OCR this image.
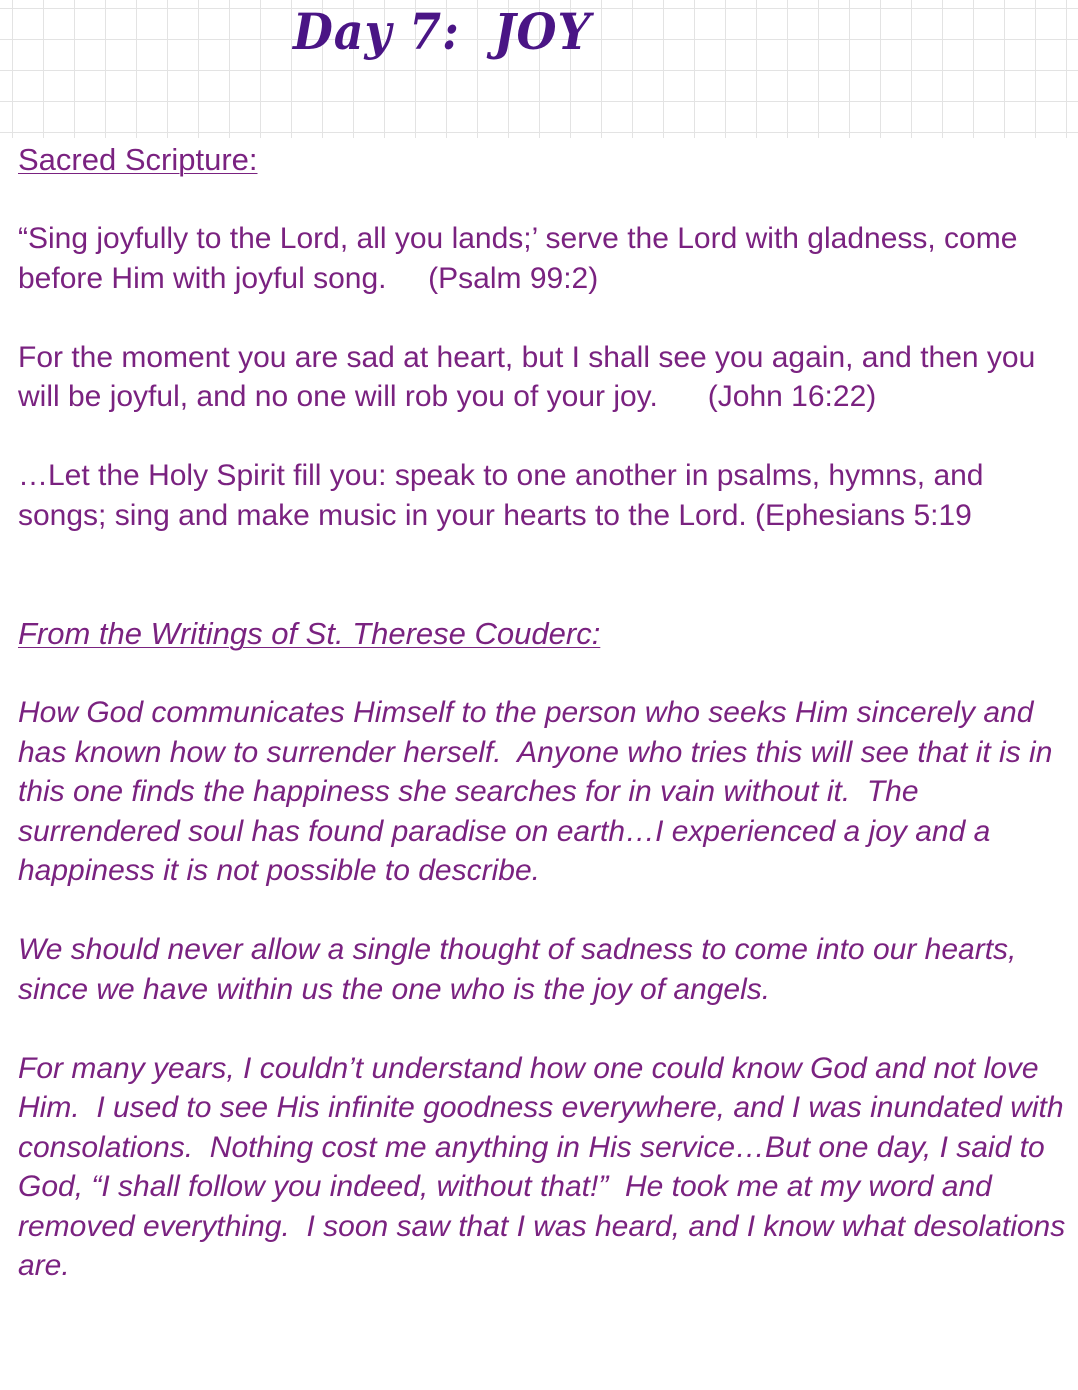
Day 7:  JOY

Sacred Scripture:

“Sing joyfully to the Lord, all you lands;’ serve the Lord with gladness, come before Him with joyful song.     (Psalm 99:2)

For the moment you are sad at heart, but I shall see you again, and then you will be joyful, and no one will rob you of your joy.      (John 16:22)

…Let the Holy Spirit fill you: speak to one another in psalms, hymns, and songs; sing and make music in your hearts to the Lord. (Ephesians 5:19

From the Writings of St. Therese Couderc:

How God communicates Himself to the person who seeks Him sincerely and has known how to surrender herself.  Anyone who tries this will see that it is in this one finds the happiness she searches for in vain without it.  The surrendered soul has found paradise on earth…I experienced a joy and a happiness it is not possible to describe.

We should never allow a single thought of sadness to come into our hearts, since we have within us the one who is the joy of angels.

For many years, I couldn’t understand how one could know God and not love Him.  I used to see His infinite goodness everywhere, and I was inundated with consolations.  Nothing cost me anything in His service…But one day, I said to God, “I shall follow you indeed, without that!”  He took me at my word and removed everything.  I soon saw that I was heard, and I know what desolations are.
